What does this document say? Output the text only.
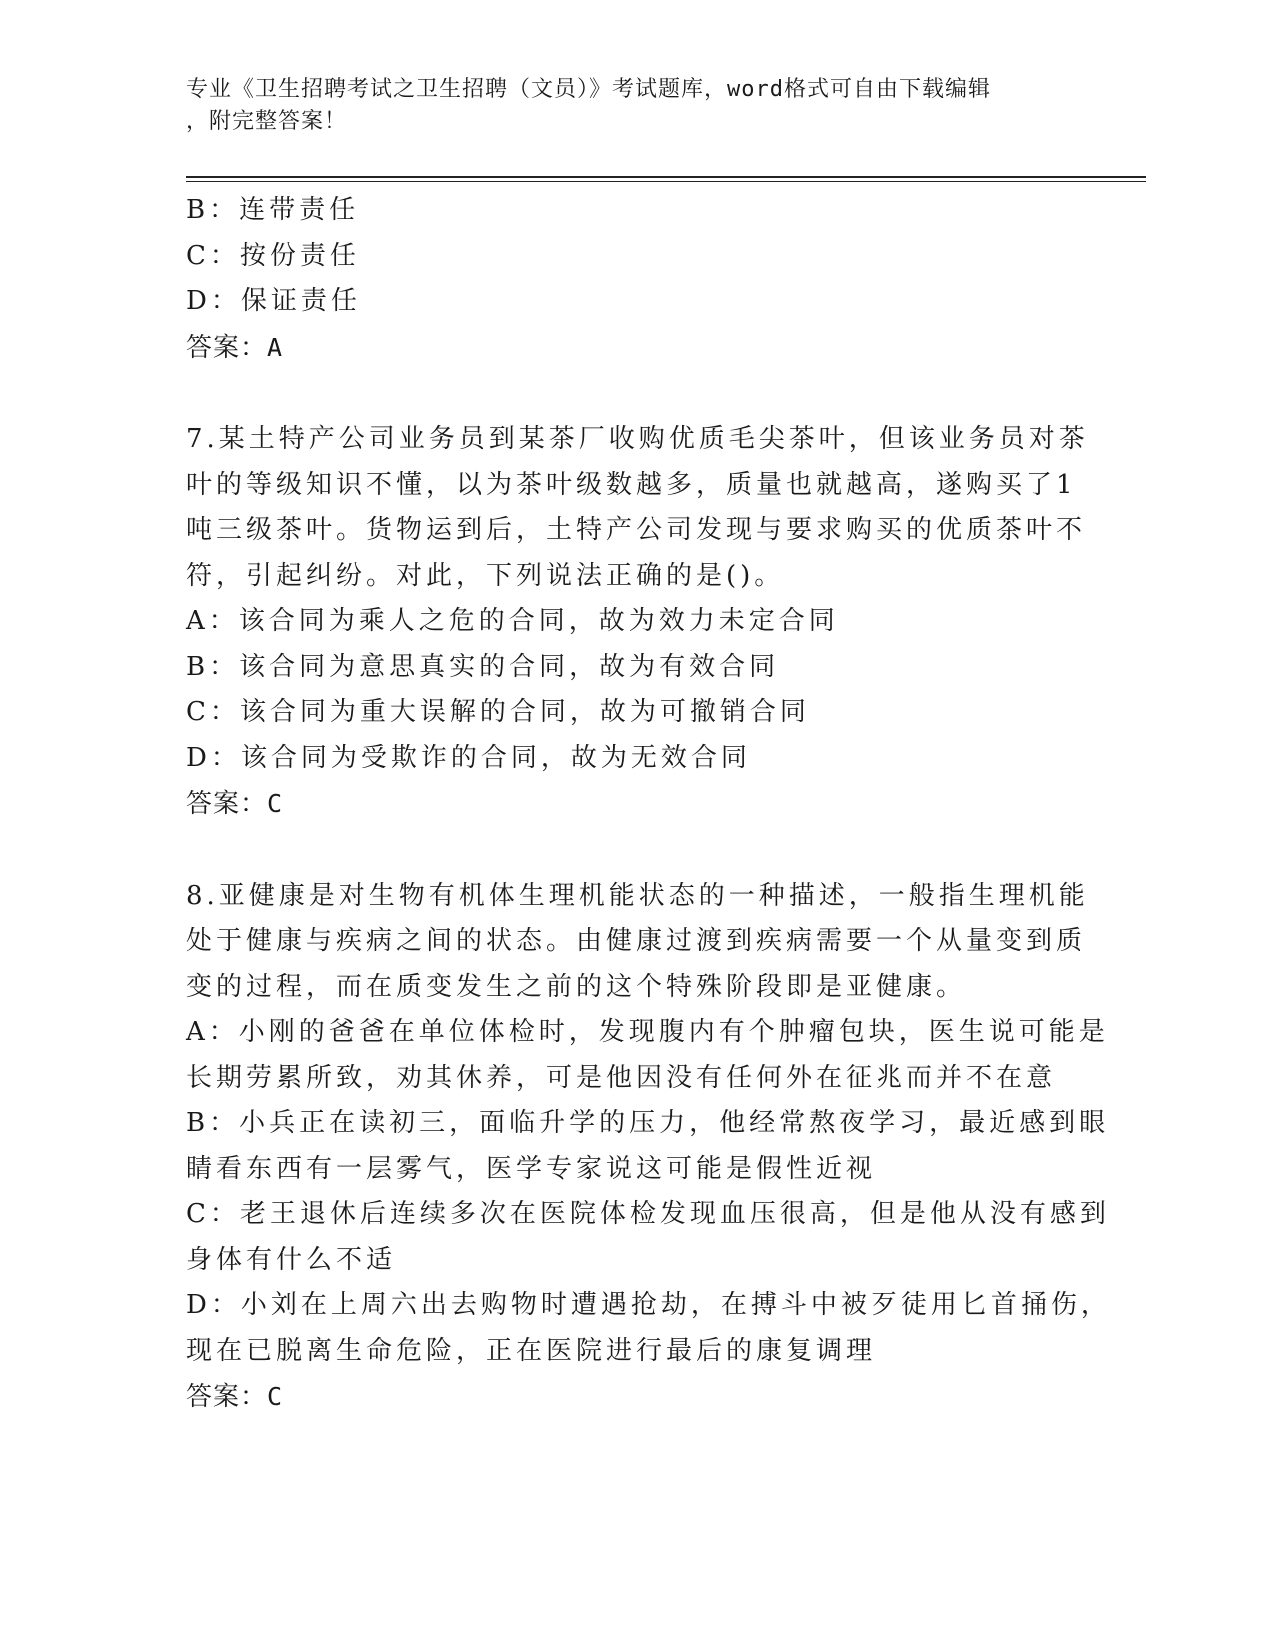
专业《卫生招聘考试之卫生招聘（文员）》考试题库，word格式可自由下载编辑
，附完整答案！
B：连带责任
C：按份责任
D：保证责任
答案：A
7.某土特产公司业务员到某茶厂收购优质毛尖茶叶，但该业务员对茶
叶的等级知识不懂，以为茶叶级数越多，质量也就越高，遂购买了1
吨三级茶叶。货物运到后，土特产公司发现与要求购买的优质茶叶不
符，引起纠纷。对此，下列说法正确的是()。
A：该合同为乘人之危的合同，故为效力未定合同
B：该合同为意思真实的合同，故为有效合同
C：该合同为重大误解的合同，故为可撤销合同
D：该合同为受欺诈的合同，故为无效合同
答案：C
8.亚健康是对生物有机体生理机能状态的一种描述，一般指生理机能
处于健康与疾病之间的状态。由健康过渡到疾病需要一个从量变到质
变的过程，而在质变发生之前的这个特殊阶段即是亚健康。
A：小刚的爸爸在单位体检时，发现腹内有个肿瘤包块，医生说可能是
长期劳累所致，劝其休养，可是他因没有任何外在征兆而并不在意
B：小兵正在读初三，面临升学的压力，他经常熬夜学习，最近感到眼
睛看东西有一层雾气，医学专家说这可能是假性近视
C：老王退休后连续多次在医院体检发现血压很高，但是他从没有感到
身体有什么不适
D：小刘在上周六出去购物时遭遇抢劫，在搏斗中被歹徒用匕首捅伤，
现在已脱离生命危险，正在医院进行最后的康复调理
答案：C
